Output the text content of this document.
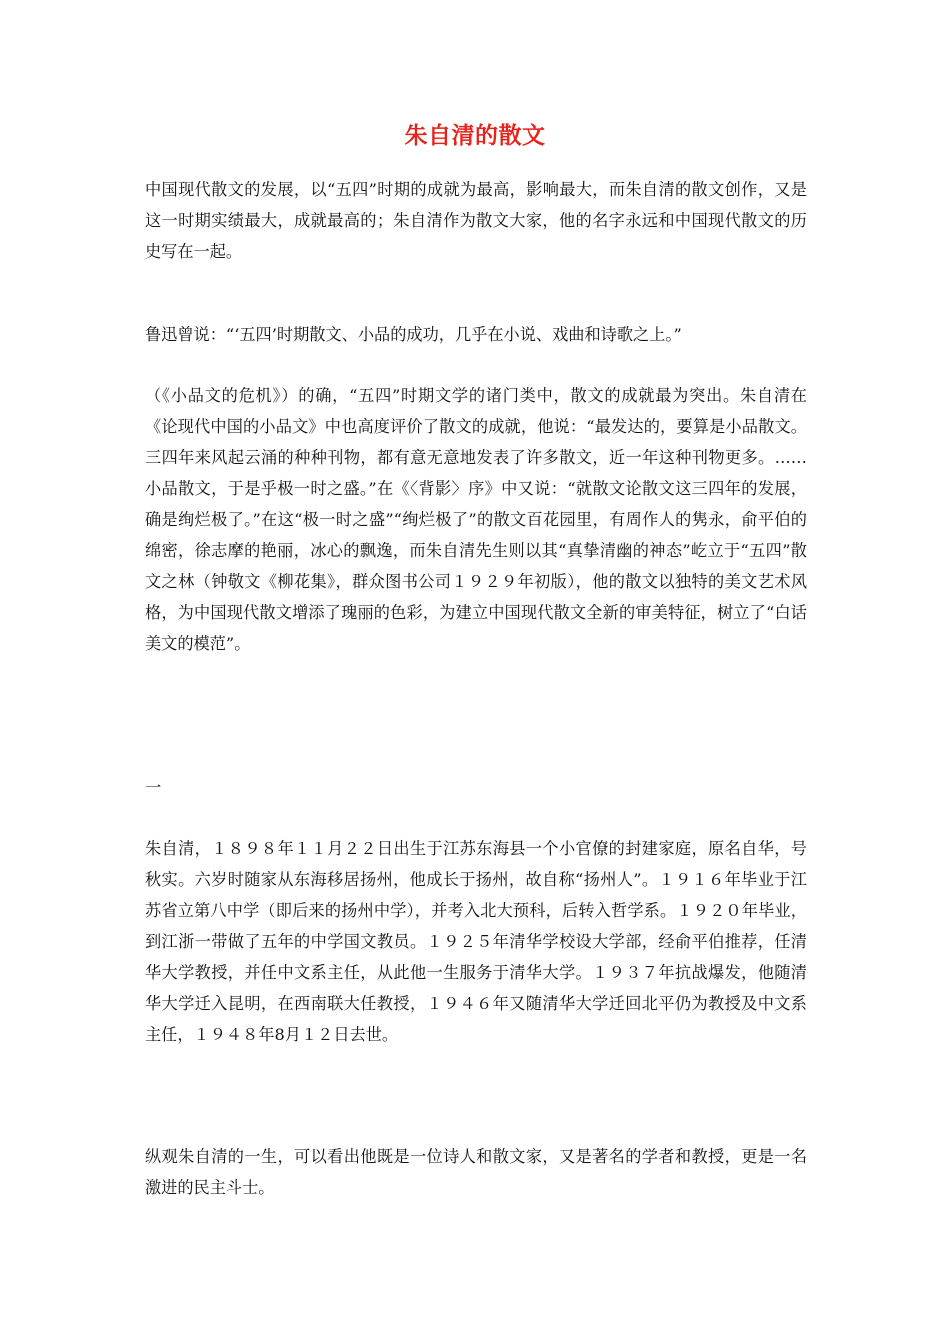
朱自清的散文

中国现代散文的发展，以“五四”时期的成就为最高，影响最大，而朱自清的散文创作，又是这一时期实绩最大，成就最高的；朱自清作为散文大家，他的名字永远和中国现代散文的历史写在一起。

鲁迅曾说：“‘五四’时期散文、小品的成功，几乎在小说、戏曲和诗歌之上。”

（《小品文的危机》）的确，“五四”时期文学的诸门类中，散文的成就最为突出。朱自清在《论现代中国的小品文》中也高度评价了散文的成就，他说：“最发达的，要算是小品散文。三四年来风起云涌的种种刊物，都有意无意地发表了许多散文，近一年这种刊物更多。……小品散文，于是乎极一时之盛。”在《〈背影〉序》中又说：“就散文论散文这三四年的发展，确是绚烂极了。”在这“极一时之盛”“绚烂极了”的散文百花园里，有周作人的隽永，俞平伯的绵密，徐志摩的艳丽，冰心的飘逸，而朱自清先生则以其“真挚清幽的神态”屹立于“五四”散文之林（钟敬文《柳花集》，群众图书公司１９２９年初版），他的散文以独特的美文艺术风格，为中国现代散文增添了瑰丽的色彩，为建立中国现代散文全新的审美特征，树立了“白话美文的模范”。

一

朱自清，１８９８年１１月２２日出生于江苏东海县一个小官僚的封建家庭，原名自华，号秋实。六岁时随家从东海移居扬州，他成长于扬州，故自称“扬州人”。１９１６年毕业于江苏省立第八中学（即后来的扬州中学），并考入北大预科，后转入哲学系。１９２０年毕业，到江浙一带做了五年的中学国文教员。１９２５年清华学校设大学部，经俞平伯推荐，任清华大学教授，并任中文系主任，从此他一生服务于清华大学。１９３７年抗战爆发，他随清华大学迁入昆明，在西南联大任教授，１９４６年又随清华大学迁回北平仍为教授及中文系主任，１９４８年8月１２日去世。

纵观朱自清的一生，可以看出他既是一位诗人和散文家，又是著名的学者和教授，更是一名激进的民主斗士。
